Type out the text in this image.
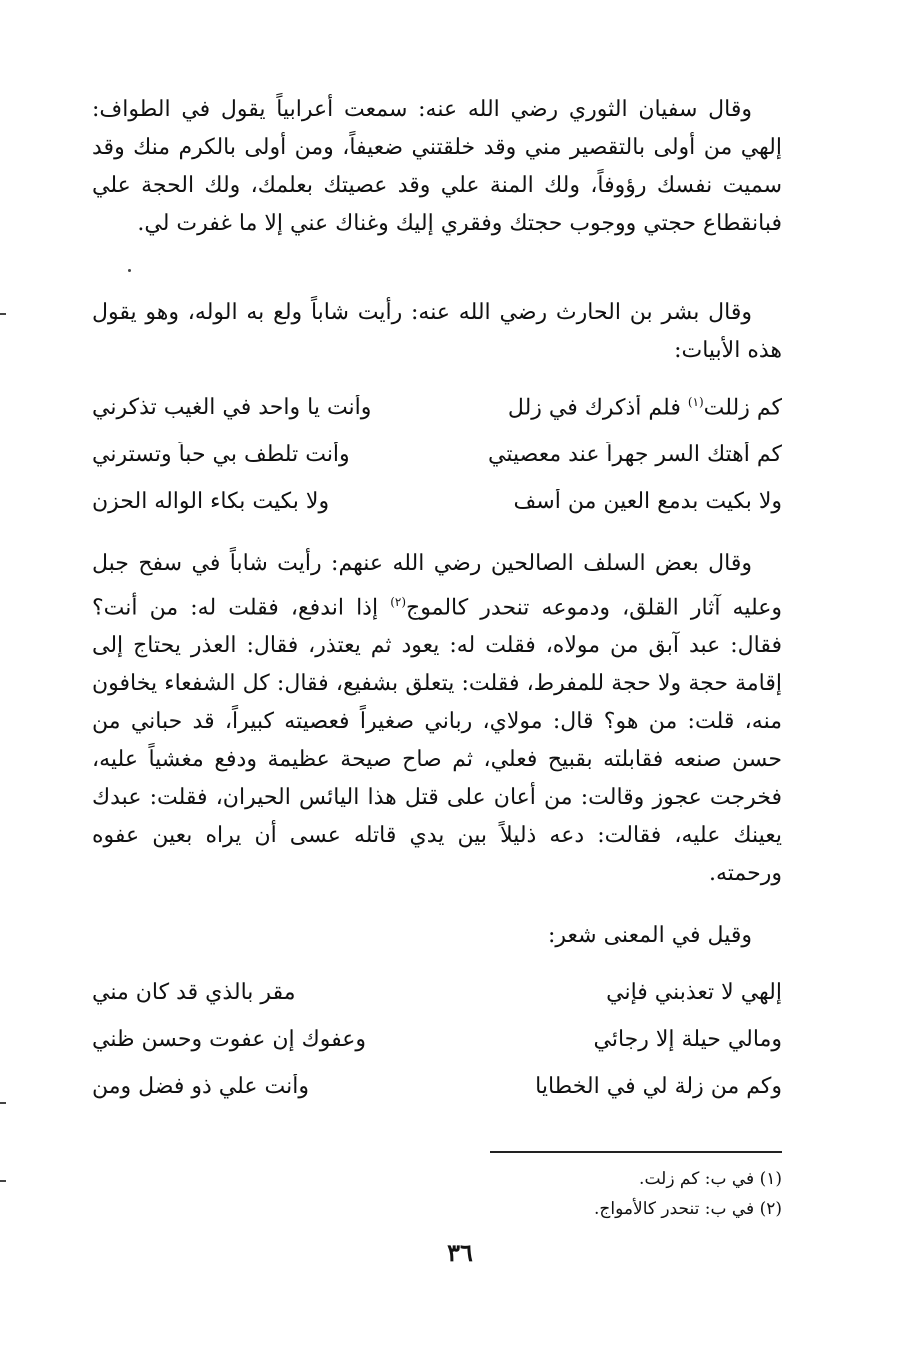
وقال سفيان الثوري رضي الله عنه: سمعت أعرابياً يقول في الطواف: إلهي من أولى بالتقصير مني وقد خلقتني ضعيفاً، ومن أولى بالكرم منك وقد سميت نفسك رؤوفاً، ولك المنة علي وقد عصيتك بعلمك، ولك الحجة علي فبانقطاع حجتي ووجوب حجتك وفقري إليك وغناك عني إلا ما غفرت لي.

وقال بشر بن الحارث رضي الله عنه: رأيت شاباً ولع به الوله، وهو يقول هذه الأبيات:

كم زللت$^{(١)}$ فلم أذكرك في زلل
وأنت يا واحد في الغيب تذكرني
كم أهتك السر جهراً عند معصيتي
وأنت تلطف بي حباً وتسترني
ولا بكيت بدمع العين من أسف
ولا بكيت بكاء الواله الحزن

وقال بعض السلف الصالحين رضي الله عنهم: رأيت شاباً في سفح جبل وعليه آثار القلق، ودموعه تنحدر كالموج$^{(٢)}$ إذا اندفع، فقلت له: من أنت؟ فقال: عبد آبق من مولاه، فقلت له: يعود ثم يعتذر، فقال: العذر يحتاج إلى إقامة حجة ولا حجة للمفرط، فقلت: يتعلق بشفيع، فقال: كل الشفعاء يخافون منه، قلت: من هو؟ قال: مولاي، رباني صغيراً فعصيته كبيراً، قد حباني من حسن صنعه فقابلته بقبيح فعلي، ثم صاح صيحة عظيمة ودفع مغشياً عليه، فخرجت عجوز وقالت: من أعان على قتل هذا اليائس الحيران، فقلت: عبدك يعينك عليه، فقالت: دعه ذليلاً بين يدي قاتله عسى أن يراه بعين عفوه ورحمته.

وقيل في المعنى شعر:

إلهي لا تعذبني فإني
مقر بالذي قد كان مني
ومالي حيلة إلا رجائي
وعفوك إن عفوت وحسن ظني
وكم من زلة لي في الخطايا
وأنت علي ذو فضل ومن
(١) في ب: كم زلت.
(٢) في ب: تنحدر كالأمواج.
٣٦
